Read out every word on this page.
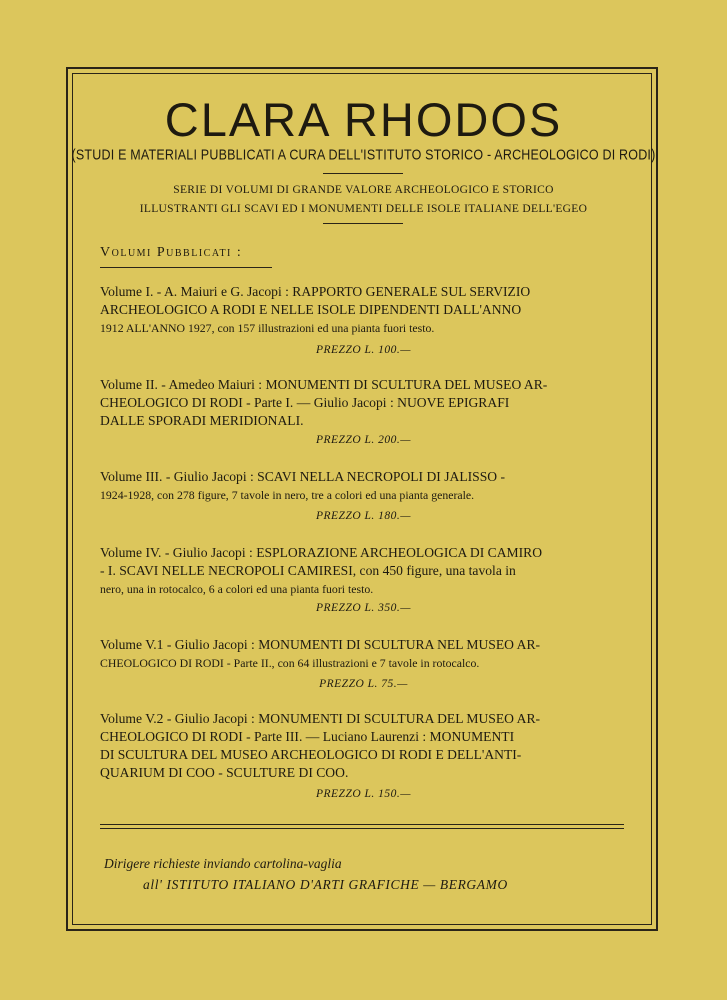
CLARA RHODOS
(STUDI E MATERIALI PUBBLICATI A CURA DELL'ISTITUTO STORICO - ARCHEOLOGICO DI RODI)
SERIE DI VOLUMI DI GRANDE VALORE ARCHEOLOGICO E STORICO
ILLUSTRANTI GLI SCAVI ED I MONUMENTI DELLE ISOLE ITALIANE DELL'EGEO
Volumi Pubblicati :
Volume I. - A. Maiuri e G. Jacopi : RAPPORTO GENERALE SUL SERVIZIO
ARCHEOLOGICO A RODI E NELLE ISOLE DIPENDENTI DALL'ANNO
1912 ALL'ANNO 1927, con 157 illustrazioni ed una pianta fuori testo.
PREZZO L. 100.—
Volume II. - Amedeo Maiuri : MONUMENTI DI SCULTURA DEL MUSEO AR-
CHEOLOGICO DI RODI - Parte I. — Giulio Jacopi : NUOVE EPIGRAFI
DALLE SPORADI MERIDIONALI.
PREZZO L. 200.—
Volume III. - Giulio Jacopi : SCAVI NELLA NECROPOLI DI JALISSO -
1924-1928, con 278 figure, 7 tavole in nero, tre a colori ed una pianta generale.
PREZZO L. 180.—
Volume IV. - Giulio Jacopi : ESPLORAZIONE ARCHEOLOGICA DI CAMIRO
- I. SCAVI NELLE NECROPOLI CAMIRESI, con 450 figure, una tavola in
nero, una in rotocalco, 6 a colori ed una pianta fuori testo.
PREZZO L. 350.—
Volume V.1 - Giulio Jacopi : MONUMENTI DI SCULTURA NEL MUSEO AR-
CHEOLOGICO DI RODI - Parte II., con 64 illustrazioni e 7 tavole in rotocalco.
PREZZO L. 75.—
Volume V.2 - Giulio Jacopi : MONUMENTI DI SCULTURA DEL MUSEO AR-
CHEOLOGICO DI RODI - Parte III. — Luciano Laurenzi : MONUMENTI
DI SCULTURA DEL MUSEO ARCHEOLOGICO DI RODI E DELL'ANTI-
QUARIUM DI COO - SCULTURE DI COO.
PREZZO L. 150.—
Dirigere richieste inviando cartolina-vaglia
all' ISTITUTO ITALIANO D'ARTI GRAFICHE — BERGAMO
